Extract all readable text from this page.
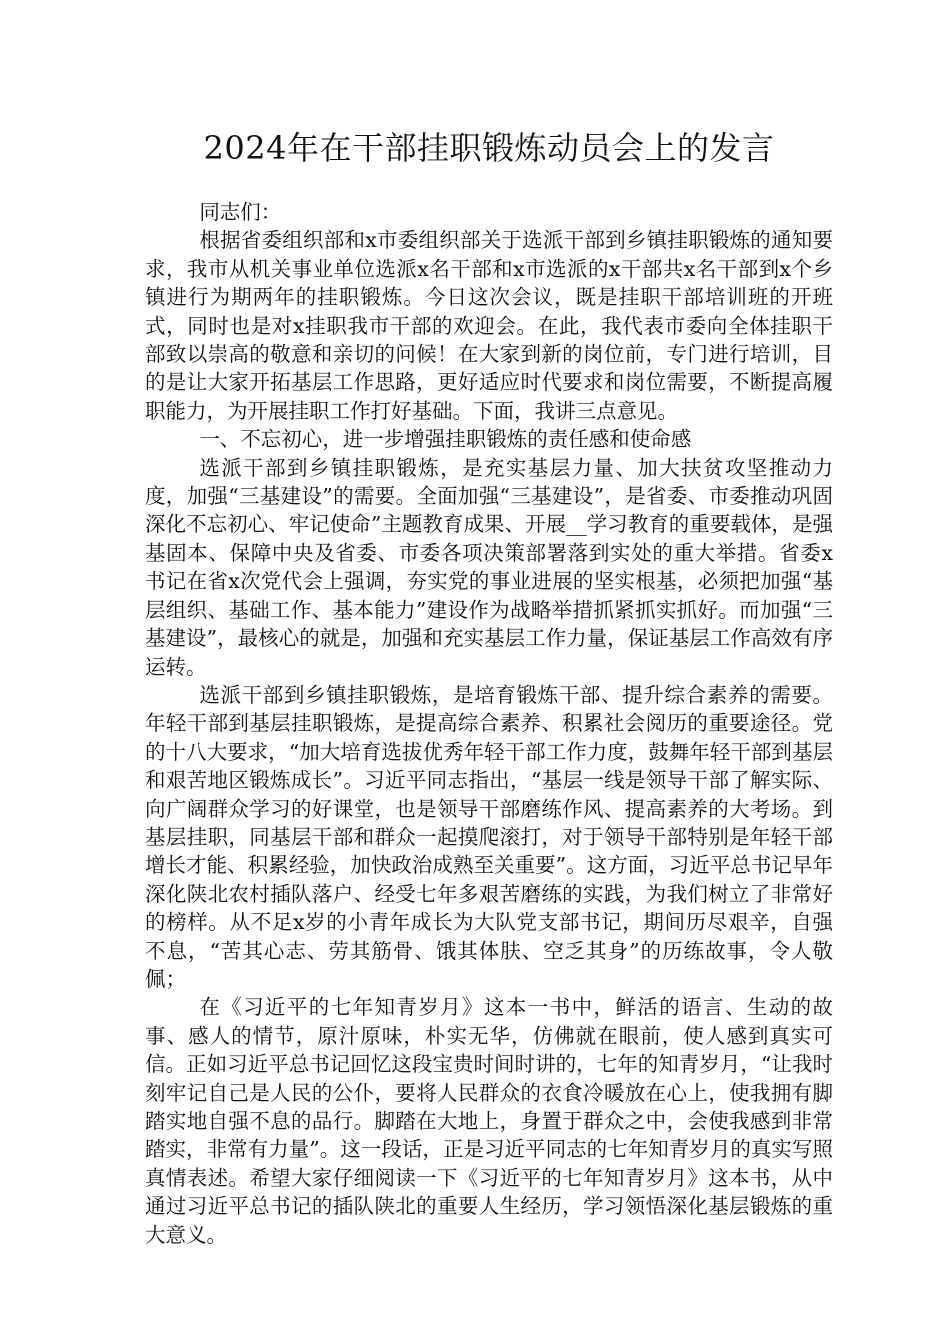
2024年在干部挂职锻炼动员会上的发言

同志们：

根据省委组织部和x市委组织部关于选派干部到乡镇挂职锻炼的通知要求，我市从机关事业单位选派x名干部和x市选派的x干部共x名干部到x个乡镇进行为期两年的挂职锻炼。今日这次会议，既是挂职干部培训班的开班式，同时也是对x挂职我市干部的欢迎会。在此，我代表市委向全体挂职干部致以崇高的敬意和亲切的问候！在大家到新的岗位前，专门进行培训，目的是让大家开拓基层工作思路，更好适应时代要求和岗位需要，不断提高履职能力，为开展挂职工作打好基础。下面，我讲三点意见。

一、不忘初心，进一步增强挂职锻炼的责任感和使命感

选派干部到乡镇挂职锻炼，是充实基层力量、加大扶贫攻坚推动力度，加强“三基建设”的需要。全面加强“三基建设”，是省委、市委推动巩固深化不忘初心、牢记使命”主题教育成果、开展__学习教育的重要载体，是强基固本、保障中央及省委、市委各项决策部署落到实处的重大举措。省委x书记在省x次党代会上强调，夯实党的事业进展的坚实根基，必须把加强“基层组织、基础工作、基本能力”建设作为战略举措抓紧抓实抓好。而加强“三基建设”，最核心的就是，加强和充实基层工作力量，保证基层工作高效有序运转。

选派干部到乡镇挂职锻炼，是培育锻炼干部、提升综合素养的需要。年轻干部到基层挂职锻炼，是提高综合素养、积累社会阅历的重要途径。党的十八大要求，“加大培育选拔优秀年轻干部工作力度，鼓舞年轻干部到基层和艰苦地区锻炼成长”。习近平同志指出，“基层一线是领导干部了解实际、向广阔群众学习的好课堂，也是领导干部磨练作风、提高素养的大考场。到基层挂职，同基层干部和群众一起摸爬滚打，对于领导干部特别是年轻干部增长才能、积累经验，加快政治成熟至关重要”。这方面，习近平总书记早年深化陕北农村插队落户、经受七年多艰苦磨练的实践，为我们树立了非常好的榜样。从不足x岁的小青年成长为大队党支部书记，期间历尽艰辛，自强不息，“苦其心志、劳其筋骨、饿其体肤、空乏其身”的历练故事，令人敬佩；

在《习近平的七年知青岁月》这本一书中，鲜活的语言、生动的故事、感人的情节，原汁原味，朴实无华，仿佛就在眼前，使人感到真实可信。正如习近平总书记回忆这段宝贵时间时讲的，七年的知青岁月，“让我时刻牢记自己是人民的公仆，要将人民群众的衣食冷暖放在心上，使我拥有脚踏实地自强不息的品行。脚踏在大地上，身置于群众之中，会使我感到非常踏实，非常有力量”。这一段话，正是习近平同志的七年知青岁月的真实写照真情表述。希望大家仔细阅读一下《习近平的七年知青岁月》这本书，从中通过习近平总书记的插队陕北的重要人生经历，学习领悟深化基层锻炼的重大意义。
